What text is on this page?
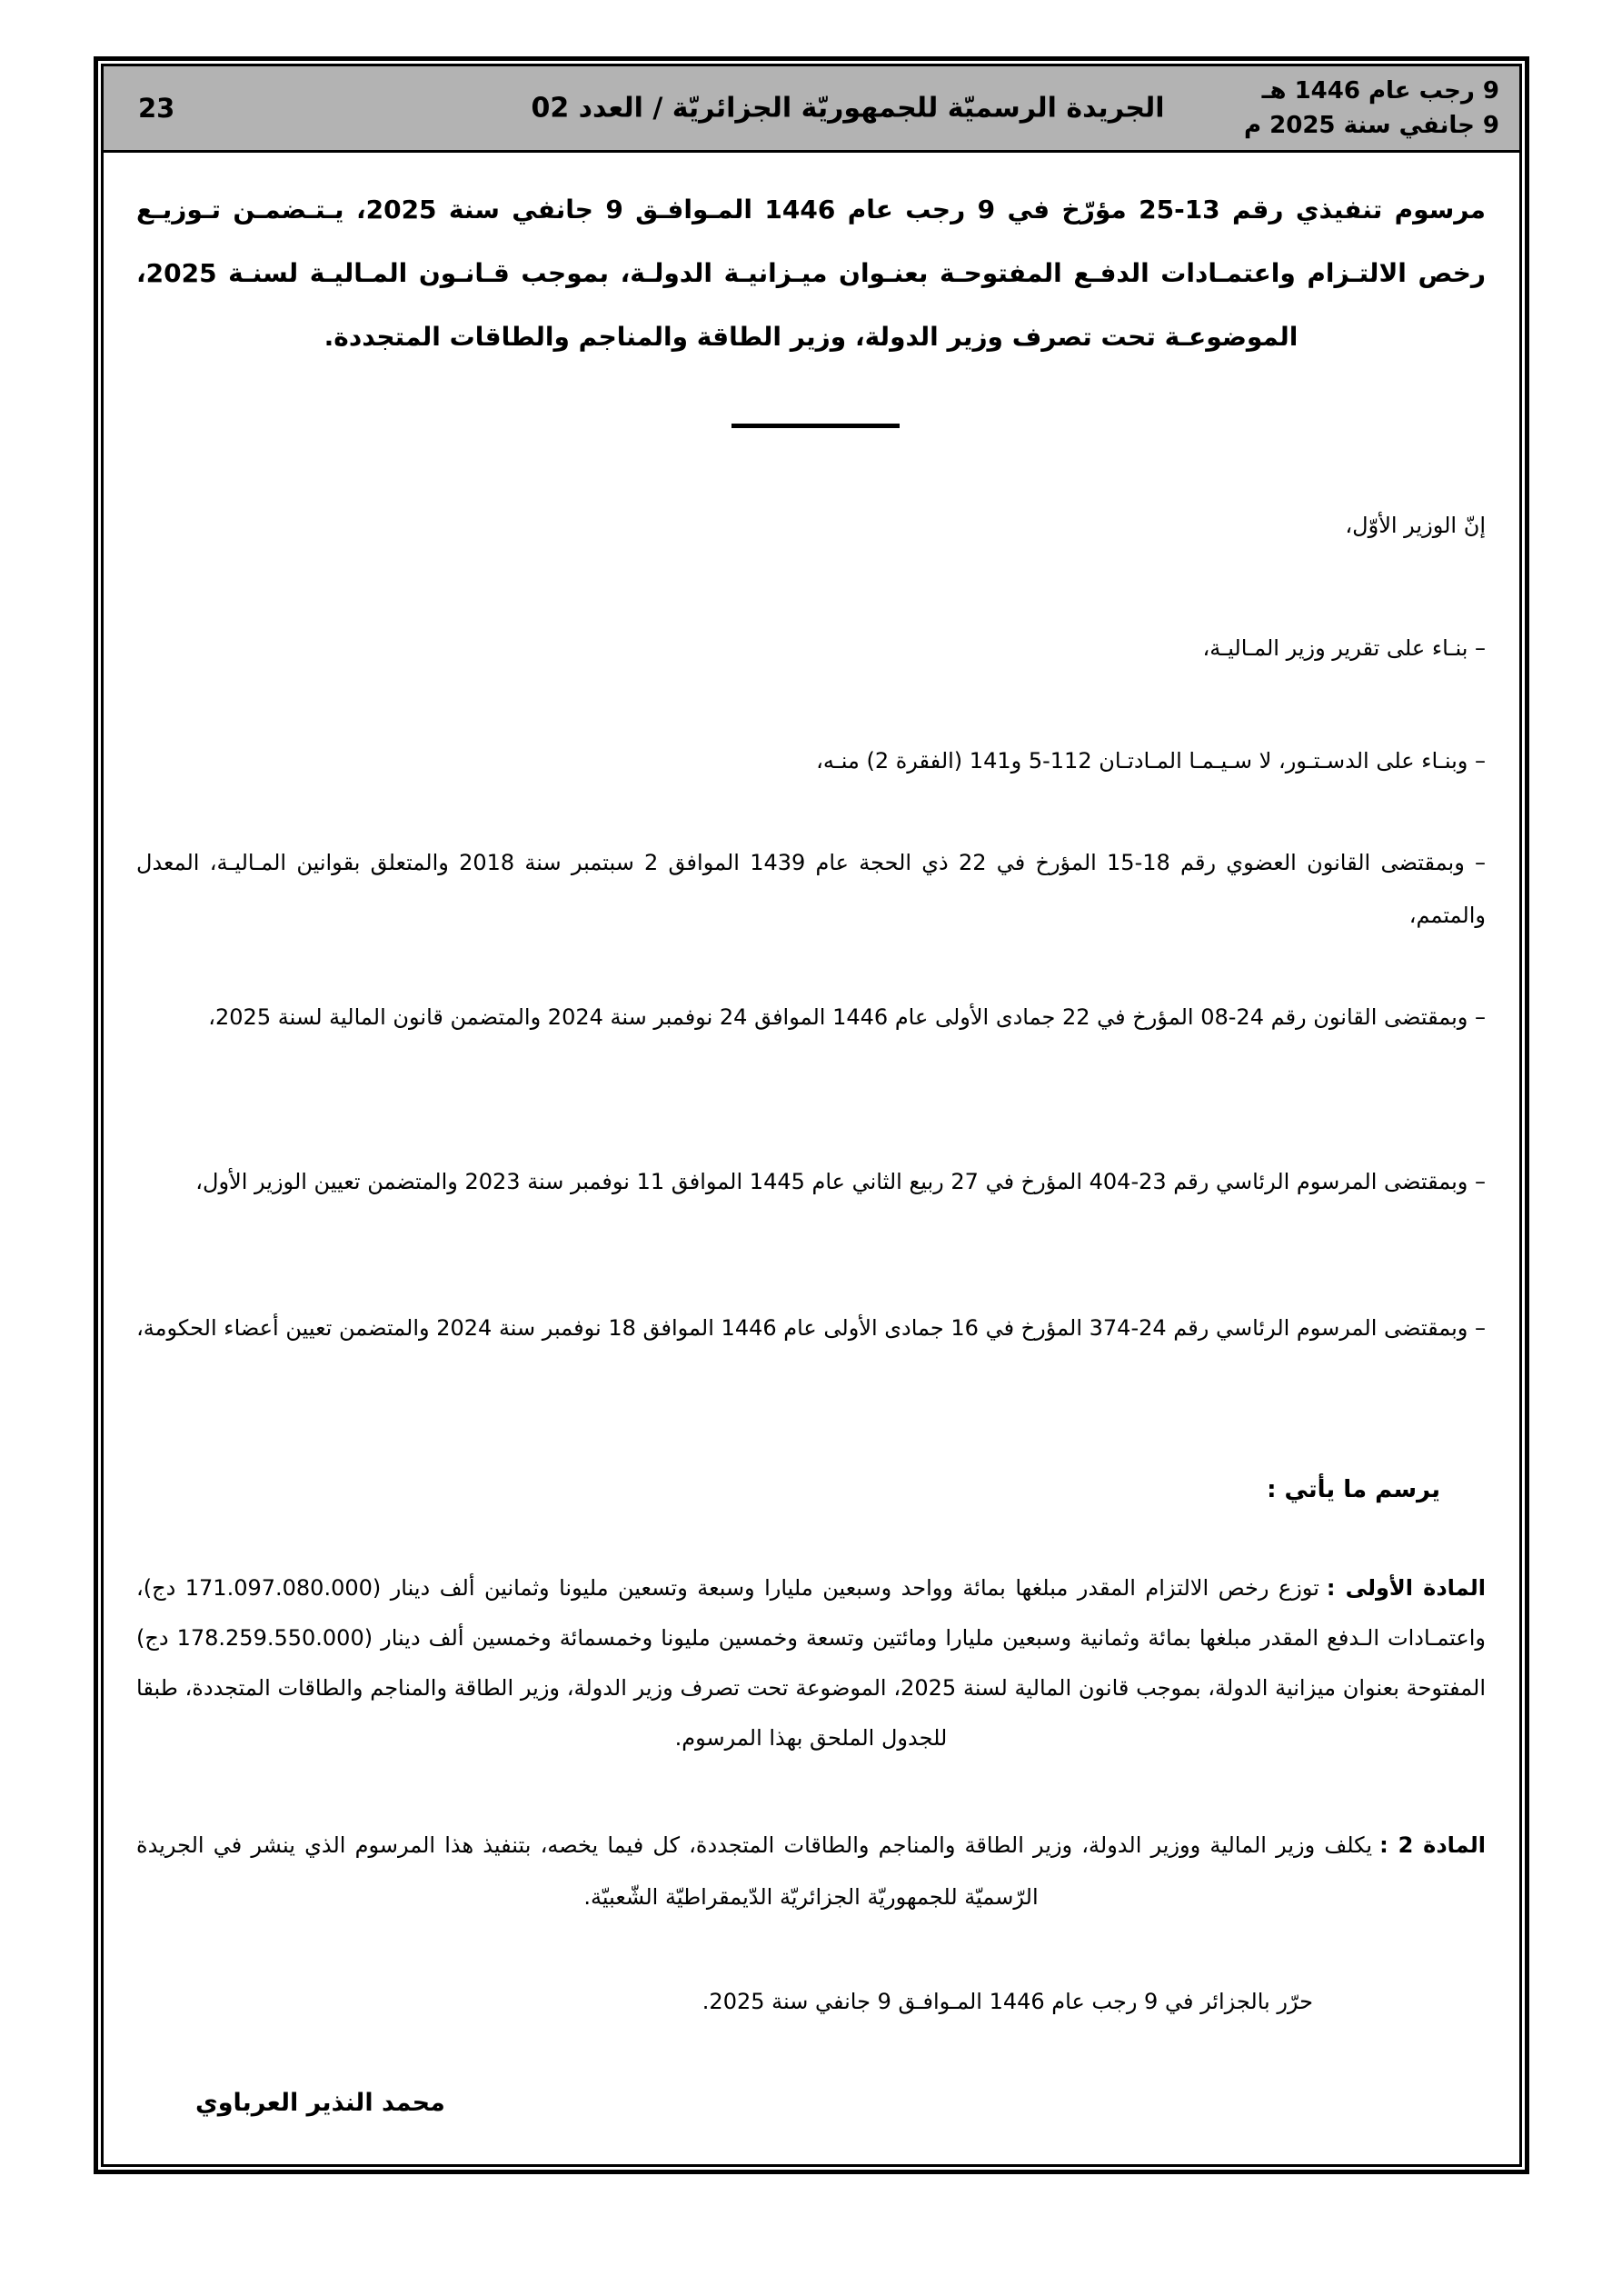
9 رجب عام 1446 هـ
9 جانفي سنة 2025 م
الجريدة الرسميّة للجمهوريّة الجزائريّة / العدد 02
23
مرسوم تنفيذي رقم 13-25 مؤرّخ في 9 رجب عام 1446 المـوافـق 9 جانفي سنة 2025، يـتـضمـن تـوزيـع رخص الالتـزام واعتمـادات الدفـع المفتوحـة بعنـوان ميـزانيـة الدولـة، بموجب قـانـون المـاليـة لسنـة 2025، الموضوعـة تحت تصرف وزير الدولة، وزير الطاقة والمناجم والطاقات المتجددة.
إنّ الوزير الأوّل،
– بنـاء على تقرير وزير المـاليـة،
– وبنـاء على الدسـتـور، لا سـيـمـا المـادتـان 112-5 و141 (الفقرة 2) منـه،
– وبمقتضى القانون العضوي رقم 18-15 المؤرخ في 22 ذي الحجة عام 1439 الموافق 2 سبتمبر سنة 2018 والمتعلق بقوانين المـاليـة، المعدل والمتمم،
– وبمقتضى القانون رقم 24-08 المؤرخ في 22 جمادى الأولى عام 1446 الموافق 24 نوفمبر سنة 2024 والمتضمن قانون المالية لسنة 2025،
– وبمقتضى المرسوم الرئاسي رقم 23-404 المؤرخ في 27 ربيع الثاني عام 1445 الموافق 11 نوفمبر سنة 2023 والمتضمن تعيين الوزير الأول،
– وبمقتضى المرسوم الرئاسي رقم 24-374 المؤرخ في 16 جمادى الأولى عام 1446 الموافق 18 نوفمبر سنة 2024 والمتضمن تعيين أعضاء الحكومة،
يرسم ما يأتي :
المادة الأولى :توزع رخص الالتزام المقدر مبلغها بمائة وواحد وسبعين مليارا وسبعة وتسعين مليونا وثمانين ألف دينار (171.097.080.000 دج)، واعتمـادات الـدفع المقدر مبلغها بمائة وثمانية وسبعين مليارا ومائتين وتسعة وخمسين مليونا وخمسمائة وخمسين ألف دينار (178.259.550.000 دج) المفتوحة بعنوان ميزانية الدولة، بموجب قانون المالية لسنة 2025، الموضوعة تحت تصرف وزير الدولة، وزير الطاقة والمناجم والطاقات المتجددة، طبقا للجدول الملحق بهذا المرسوم.
المادة 2 :يكلف وزير المالية ووزير الدولة، وزير الطاقة والمناجم والطاقات المتجددة، كل فيما يخصه، بتنفيذ هذا المرسوم الذي ينشر في الجريدة الرّسميّة للجمهوريّة الجزائريّة الدّيمقراطيّة الشّعبيّة.
حرّر بالجزائر في 9 رجب عام 1446 المـوافـق 9 جانفي سنة 2025.
محمد النذير العرباوي
